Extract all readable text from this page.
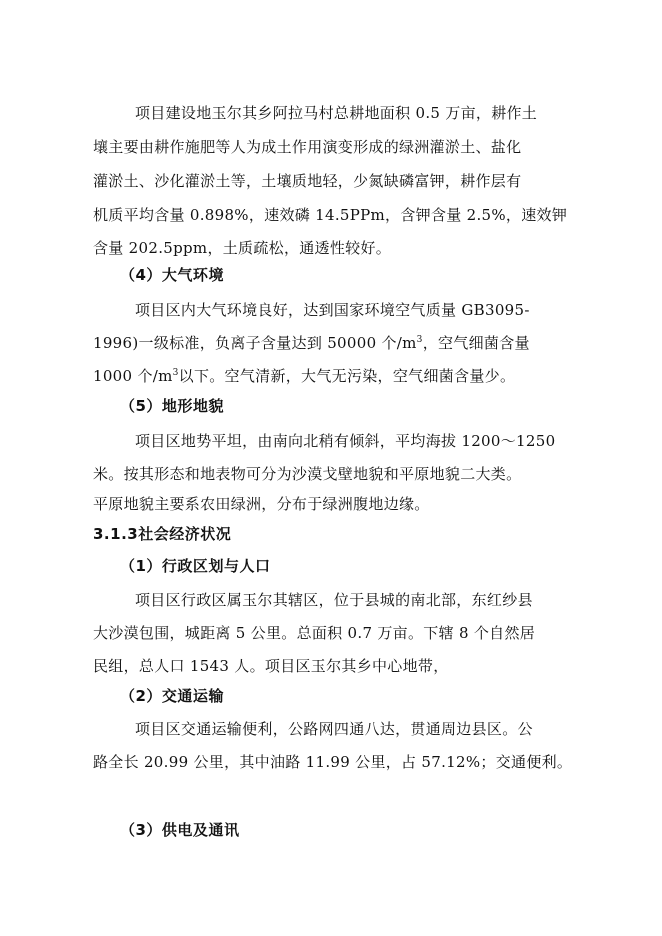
项目建设地玉尔其乡阿拉马村总耕地面积 0.5 万亩，耕作土
壤主要由耕作施肥等人为成土作用演变形成的绿洲灌淤土、盐化
灌淤土、沙化灌淤土等，土壤质地轻，少氮缺磷富钾，耕作层有
机质平均含量 0.898%，速效磷 14.5PPm，含钾含量 2.5%，速效钾
含量 202.5ppm，土质疏松，通透性较好。
（4）大气环境
项目区内大气环境良好，达到国家环境空气质量 GB3095-
1996)一级标准，负离子含量达到 50000 个$/m^3$，空气细菌含量
1000 个$/m^3$以下。空气清新，大气无污染，空气细菌含量少。
（5）地形地貌
项目区地势平坦，由南向北稍有倾斜，平均海拔 1200～1250
米。按其形态和地表物可分为沙漠戈壁地貌和平原地貌二大类。
平原地貌主要系农田绿洲，分布于绿洲腹地边缘。
3.1.3社会经济状况
（1）行政区划与人口
项目区行政区属玉尔其辖区，位于县城的南北部，东红纱县
大沙漠包围，城距离 5 公里。总面积 0.7 万亩。下辖 8 个自然居
民组，总人口 1543 人。项目区玉尔其乡中心地带，
（2）交通运输
项目区交通运输便利，公路网四通八达，贯通周边县区。公
路全长 20.99 公里，其中油路 11.99 公里，占 57.12%；交通便利。
（3）供电及通讯
